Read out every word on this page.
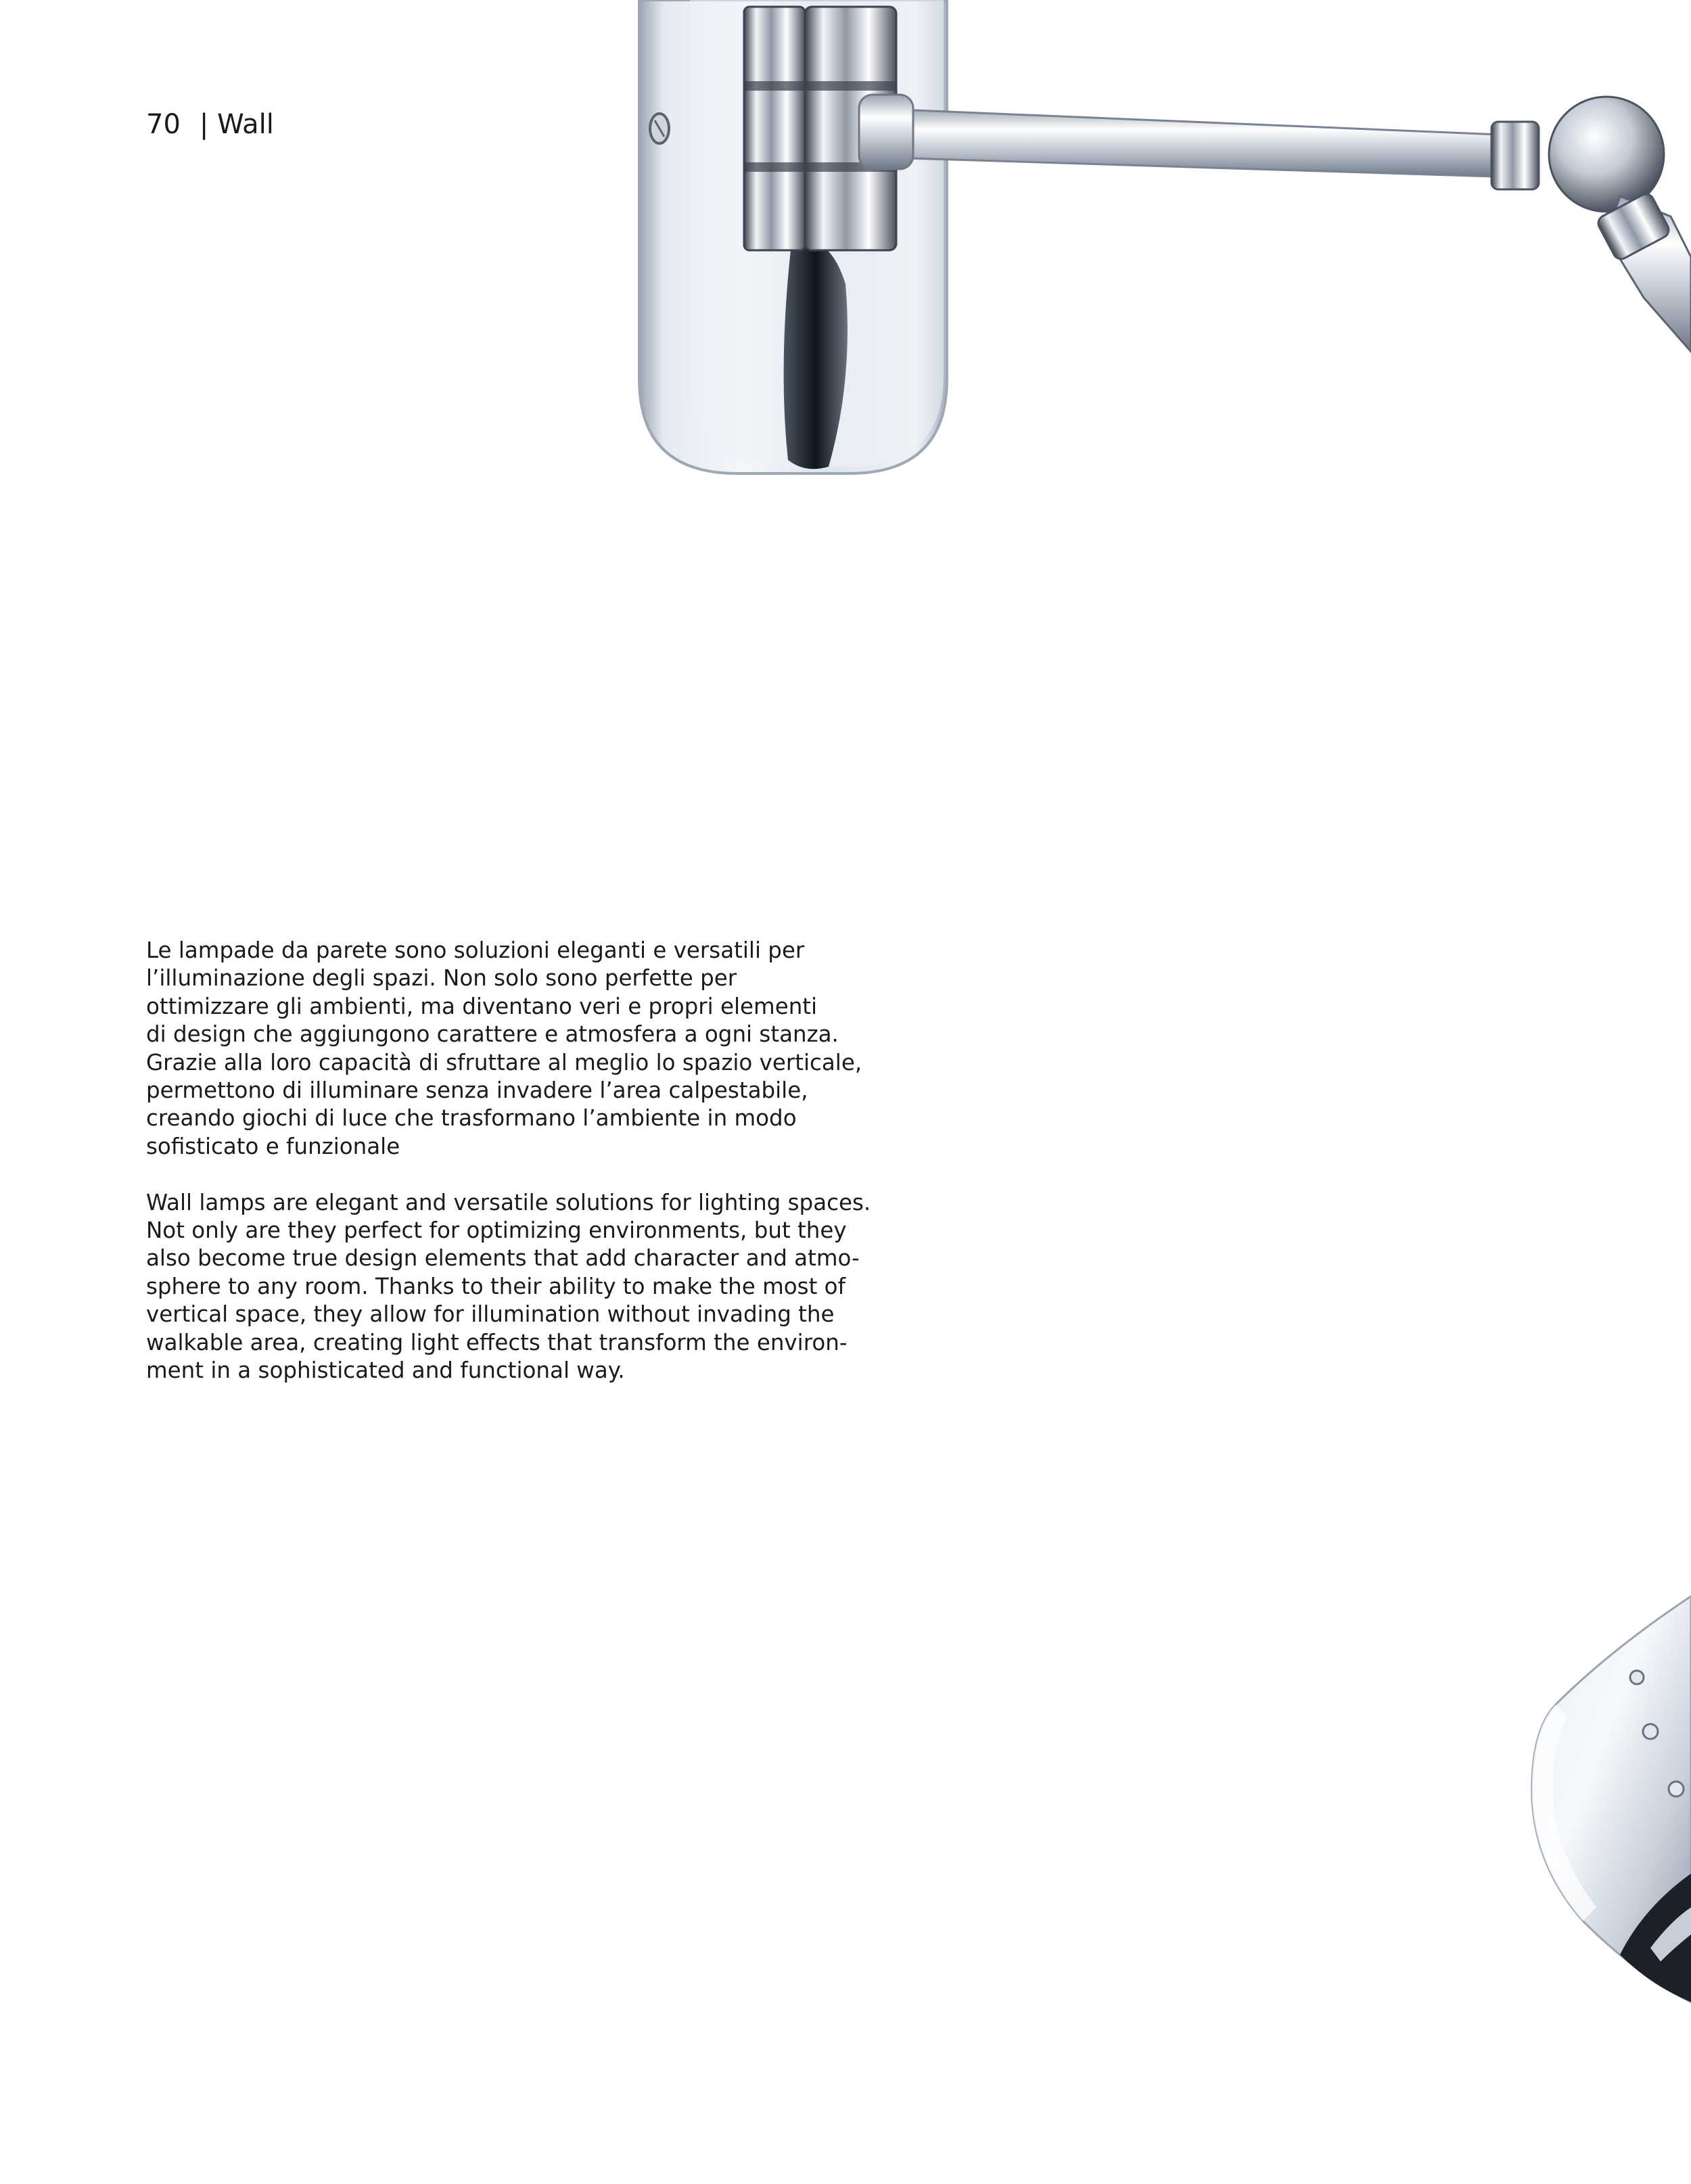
70 | Wall

Le lampade da parete sono soluzioni eleganti e versatili per
l’illuminazione degli spazi. Non solo sono perfette per
ottimizzare gli ambienti, ma diventano veri e propri elementi
di design che aggiungono carattere e atmosfera a ogni stanza.
Grazie alla loro capacità di sfruttare al meglio lo spazio verticale,
permettono di illuminare senza invadere l’area calpestabile,
creando giochi di luce che trasformano l’ambiente in modo
sofisticato e funzionale

Wall lamps are elegant and versatile solutions for lighting spaces.
Not only are they perfect for optimizing environments, but they
also become true design elements that add character and atmo-
sphere to any room. Thanks to their ability to make the most of
vertical space, they allow for illumination without invading the
walkable area, creating light effects that transform the environ-
ment in a sophisticated and functional way.
